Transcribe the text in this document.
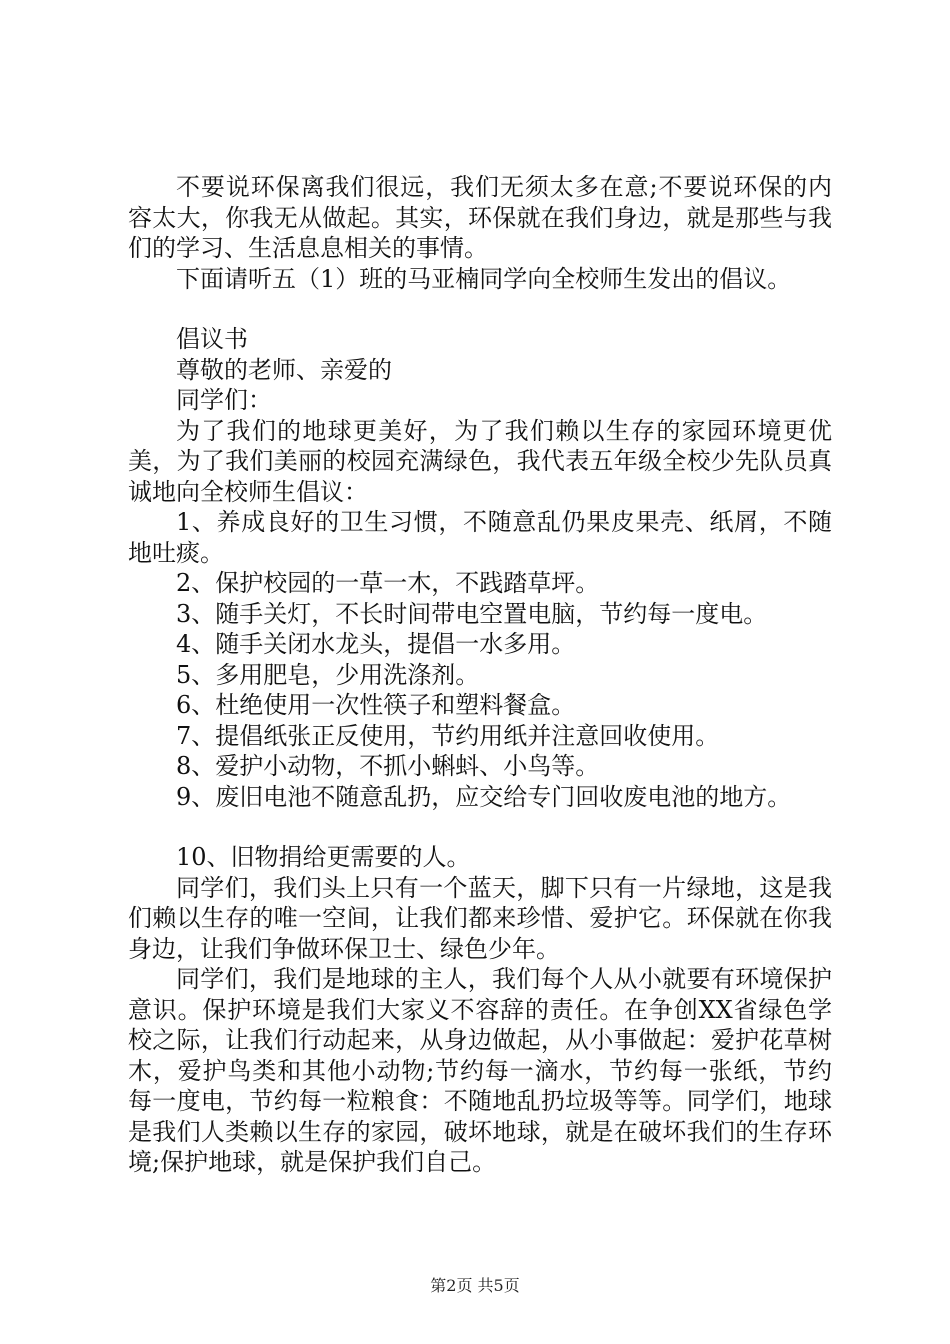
不要说环保离我们很远，我们无须太多在意;不要说环保的内容太大，你我无从做起。其实，环保就在我们身边，就是那些与我们的学习、生活息息相关的事情。

下面请听五（1）班的马亚楠同学向全校师生发出的倡议。

倡议书

尊敬的老师、亲爱的

同学们：

为了我们的地球更美好，为了我们赖以生存的家园环境更优美，为了我们美丽的校园充满绿色，我代表五年级全校少先队员真诚地向全校师生倡议：

1、养成良好的卫生习惯，不随意乱仍果皮果壳、纸屑，不随地吐痰。

2、保护校园的一草一木，不践踏草坪。

3、随手关灯，不长时间带电空置电脑，节约每一度电。

4、随手关闭水龙头，提倡一水多用。

5、多用肥皂，少用洗涤剂。

6、杜绝使用一次性筷子和塑料餐盒。

7、提倡纸张正反使用，节约用纸并注意回收使用。

8、爱护小动物，不抓小蝌蚪、小鸟等。

9、废旧电池不随意乱扔，应交给专门回收废电池的地方。

10、旧物捐给更需要的人。

同学们，我们头上只有一个蓝天，脚下只有一片绿地，这是我们赖以生存的唯一空间，让我们都来珍惜、爱护它。环保就在你我身边，让我们争做环保卫士、绿色少年。

同学们，我们是地球的主人，我们每个人从小就要有环境保护意识。保护环境是我们大家义不容辞的责任。在争创XX省绿色学校之际，让我们行动起来，从身边做起，从小事做起：爱护花草树木，爱护鸟类和其他小动物;节约每一滴水，节约每一张纸，节约每一度电，节约每一粒粮食：不随地乱扔垃圾等等。同学们，地球是我们人类赖以生存的家园，破坏地球，就是在破坏我们的生存环境;保护地球，就是保护我们自己。

第2页 共5页
